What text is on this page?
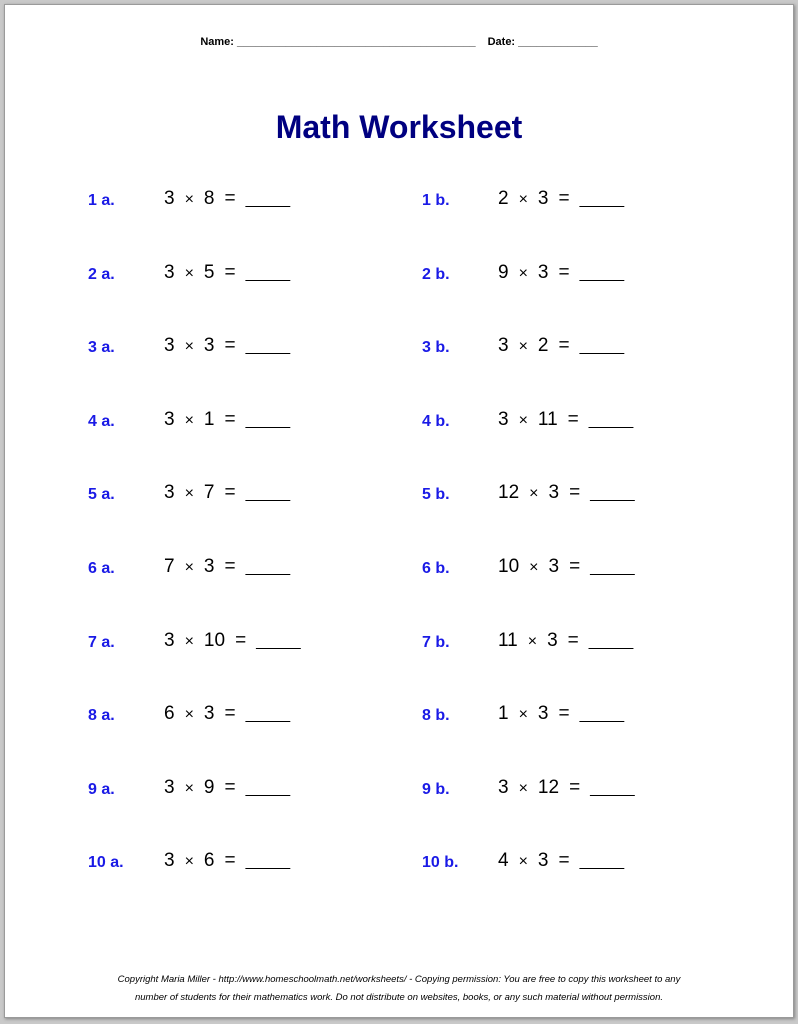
Name: _______________________________________ Date: _____________
Math Worksheet
1 a.	3 × 8 = _____
2 a.	3 × 5 = _____
3 a.	3 × 3 = _____
4 a.	3 × 1 = _____
5 a.	3 × 7 = _____
6 a.	7 × 3 = _____
7 a.	3 × 10 = _____
8 a.	6 × 3 = _____
9 a.	3 × 9 = _____
10 a. 3 × 6 = _____
1 b.	2 × 3 = _____
2 b.	9 × 3 = _____
3 b.	3 × 2 = _____
4 b.	3 × 11 = _____
5 b.	12 × 3 = _____
6 b.	10 × 3 = _____
7 b.	11 × 3 = _____
8 b.	1 × 3 = _____
9 b.	3 × 12 = _____
10 b. 4 × 3 = _____
Copyright Maria Miller - http://www.homeschoolmath.net/worksheets/ - Copying permission: You are free to copy this worksheet to any
number of students for their mathematics work. Do not distribute on websites, books, or any such material without permission.
